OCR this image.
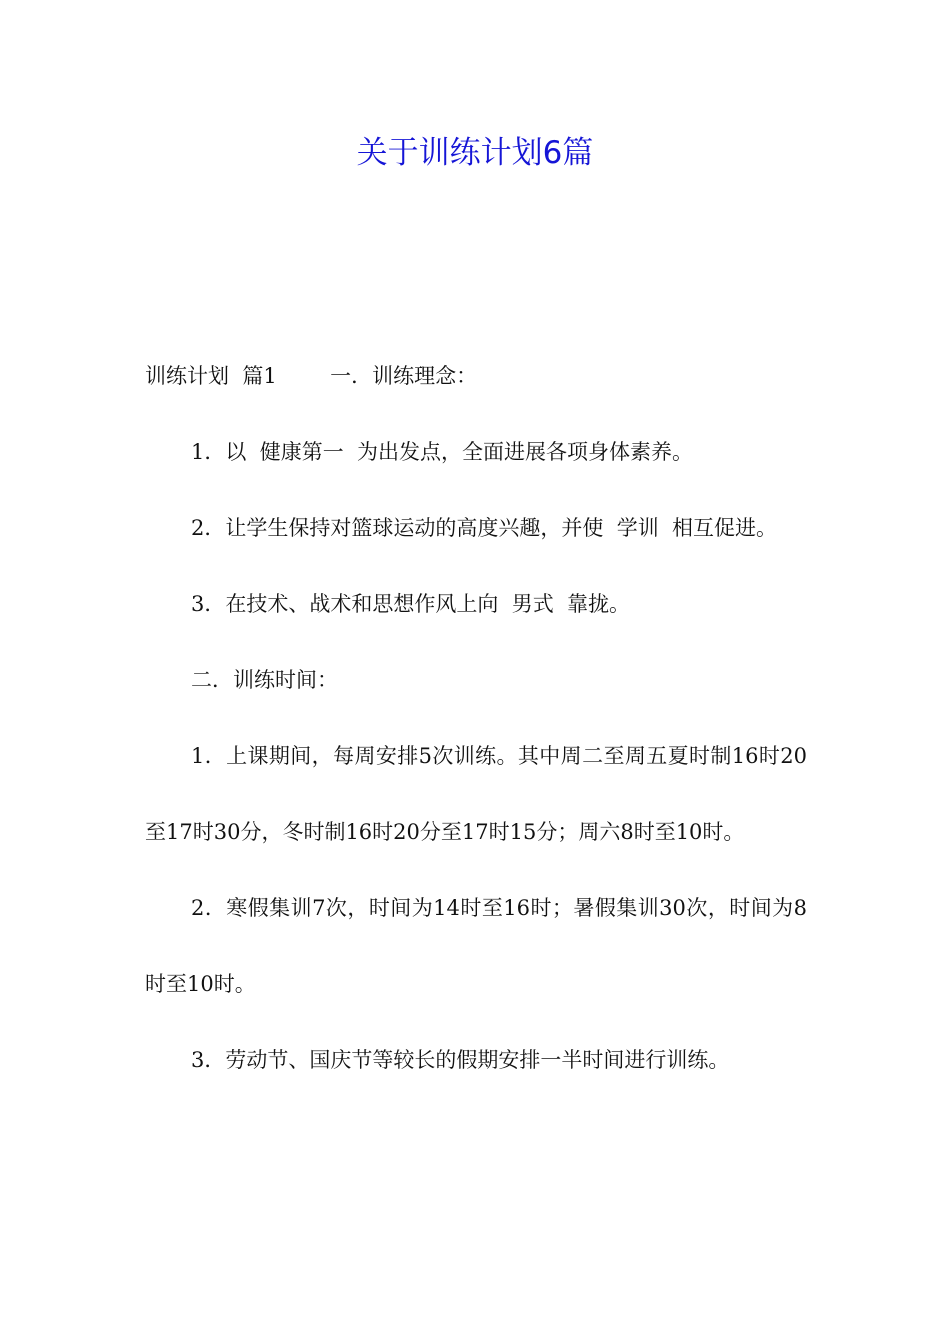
关于训练计划6篇

训练计划  篇1        一．训练理念：

1．以  健康第一  为出发点，全面进展各项身体素养。

2．让学生保持对篮球运动的高度兴趣，并使  学训  相互促进。

3．在技术、战术和思想作风上向  男式  靠拢。

二．训练时间：

1．上课期间，每周安排5次训练。其中周二至周五夏时制16时20至17时30分，冬时制16时20分至17时15分；周六8时至10时。

2．寒假集训7次，时间为14时至16时；暑假集训30次，时间为8时至10时。

3．劳动节、国庆节等较长的假期安排一半时间进行训练。
